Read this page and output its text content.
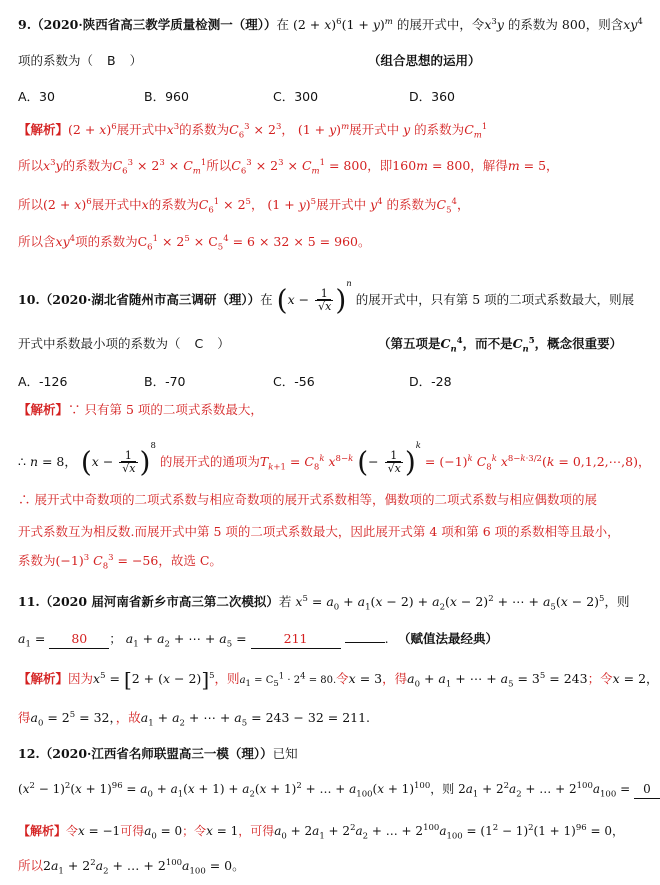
9.（2020·陕西省高三教学质量检测一（理））在 $(2 + x)^6(1 + y)^m$ 的展开式中，令$x^3y$ 的系数为 800，则含$xy^4$
项的系数为（ B ）	（组合思想的运用）
A．30	B．960	C．300	D．360
【解析】$(2 + x)^6$展开式中$x^3$的系数为$C_6^3 \times 2^3$， $(1 + y)^m$展开式中 y 的系数为$C_m^1$
所以$x^3y$的系数为$C_6^3 \times 2^3 \times C_m^1$所以$C_6^3 \times 2^3 \times C_m^1 = 800$，即160m = 800，解得m = 5，
所以$(2 + x)^6$展开式中x的系数为$C_6^1 \times 2^5$， $(1 + y)^5$展开式中 $y^4$ 的系数为$C_5^4$，
所以含$xy^4$项的系数为$C_6^1 \times 2^5 \times C_5^4 = 6 \times 32 \times 5 = 960$。
10.（2020·湖北省随州市高三调研（理））在 $(x - \frac{1}{√x} )^n$ 的展开式中，只有第 5 项的二项式系数最大，则展
开式中系数最小项的系数为（ C ）	（第五项是$C_n^4$，而不是$C_n^5$，概念很重要）
A．-126	B．-70	C．-56	D．-28
【解析】∵ 只有第 5 项的二项式系数最大，
∴ n = 8， $(x - \frac{1}{√x} )^8$ 的展开式的通项为$T_{k+1} = C_8^k$ $x^{8-k}$ (− $\frac{1}{√x} )^k = (-1)^k$ $C_8^k$ $x^{8-k\cdot 3/2}(k$ = 0,1,2,⋯,8)，
∴ 展开式中奇数项的二项式系数与相应奇数项的展开式系数相等，偶数项的二项式系数与相应偶数项的展
开式系数互为相反数.而展开式中第 5 项的二项式系数最大，因此展开式第 4 项和第 6 项的系数相等且最小，
系数为$(-1)^3$ $C_8^3 = -56$，故选 C。
11.（2020 届河南省新乡市高三第二次模拟）若 $x^5 = a_0 + a_1(x - 2) + a_2(x - 2)^2$ + ⋯ + $a_5(x - 2)^5$，则
$a_1 = 80$ ； $a_1 + a_2$ + ⋯ + $a_5$ =	211	. （赋值法最经典）
【解析】因为$x^5 = [2 + (x - 2)]^5$，则$a_1 = C_5^1 \cdot 2^4 = 80$.令x = 3，得$a_0 + a_1$ + ⋯ + $a_5 = 3^5 = 243$；令x = 2，
得$a_0 = 2^5 = 32$，，故$a_1 + a_2$ + ⋯ + $a_5 = 243 - 32 = 211$.
12.（2020·江西省名师联盟高三一模（理））已知
$(x^2 - 1)^2(x + 1)^{96} = a_0 + a_1(x + 1) + a_2(x + 1)^2$ + … + $a_{100}(x + 1)^{100}$，则 $2a_1 + 2^2a_2$ + … + $2^{100}a_{100} = 0$
【解析】令x = −1可得$a_0 = 0$；令x = 1，可得$a_0 + 2a_1 + 2^2a_2$ + … + $2^{100}a_{100} = (1^2 - 1)^2(1 + 1)^{96} = 0$，
所以$2a_1 + 2^2a_2$ + … + $2^{100}a_{100} = 0$。
